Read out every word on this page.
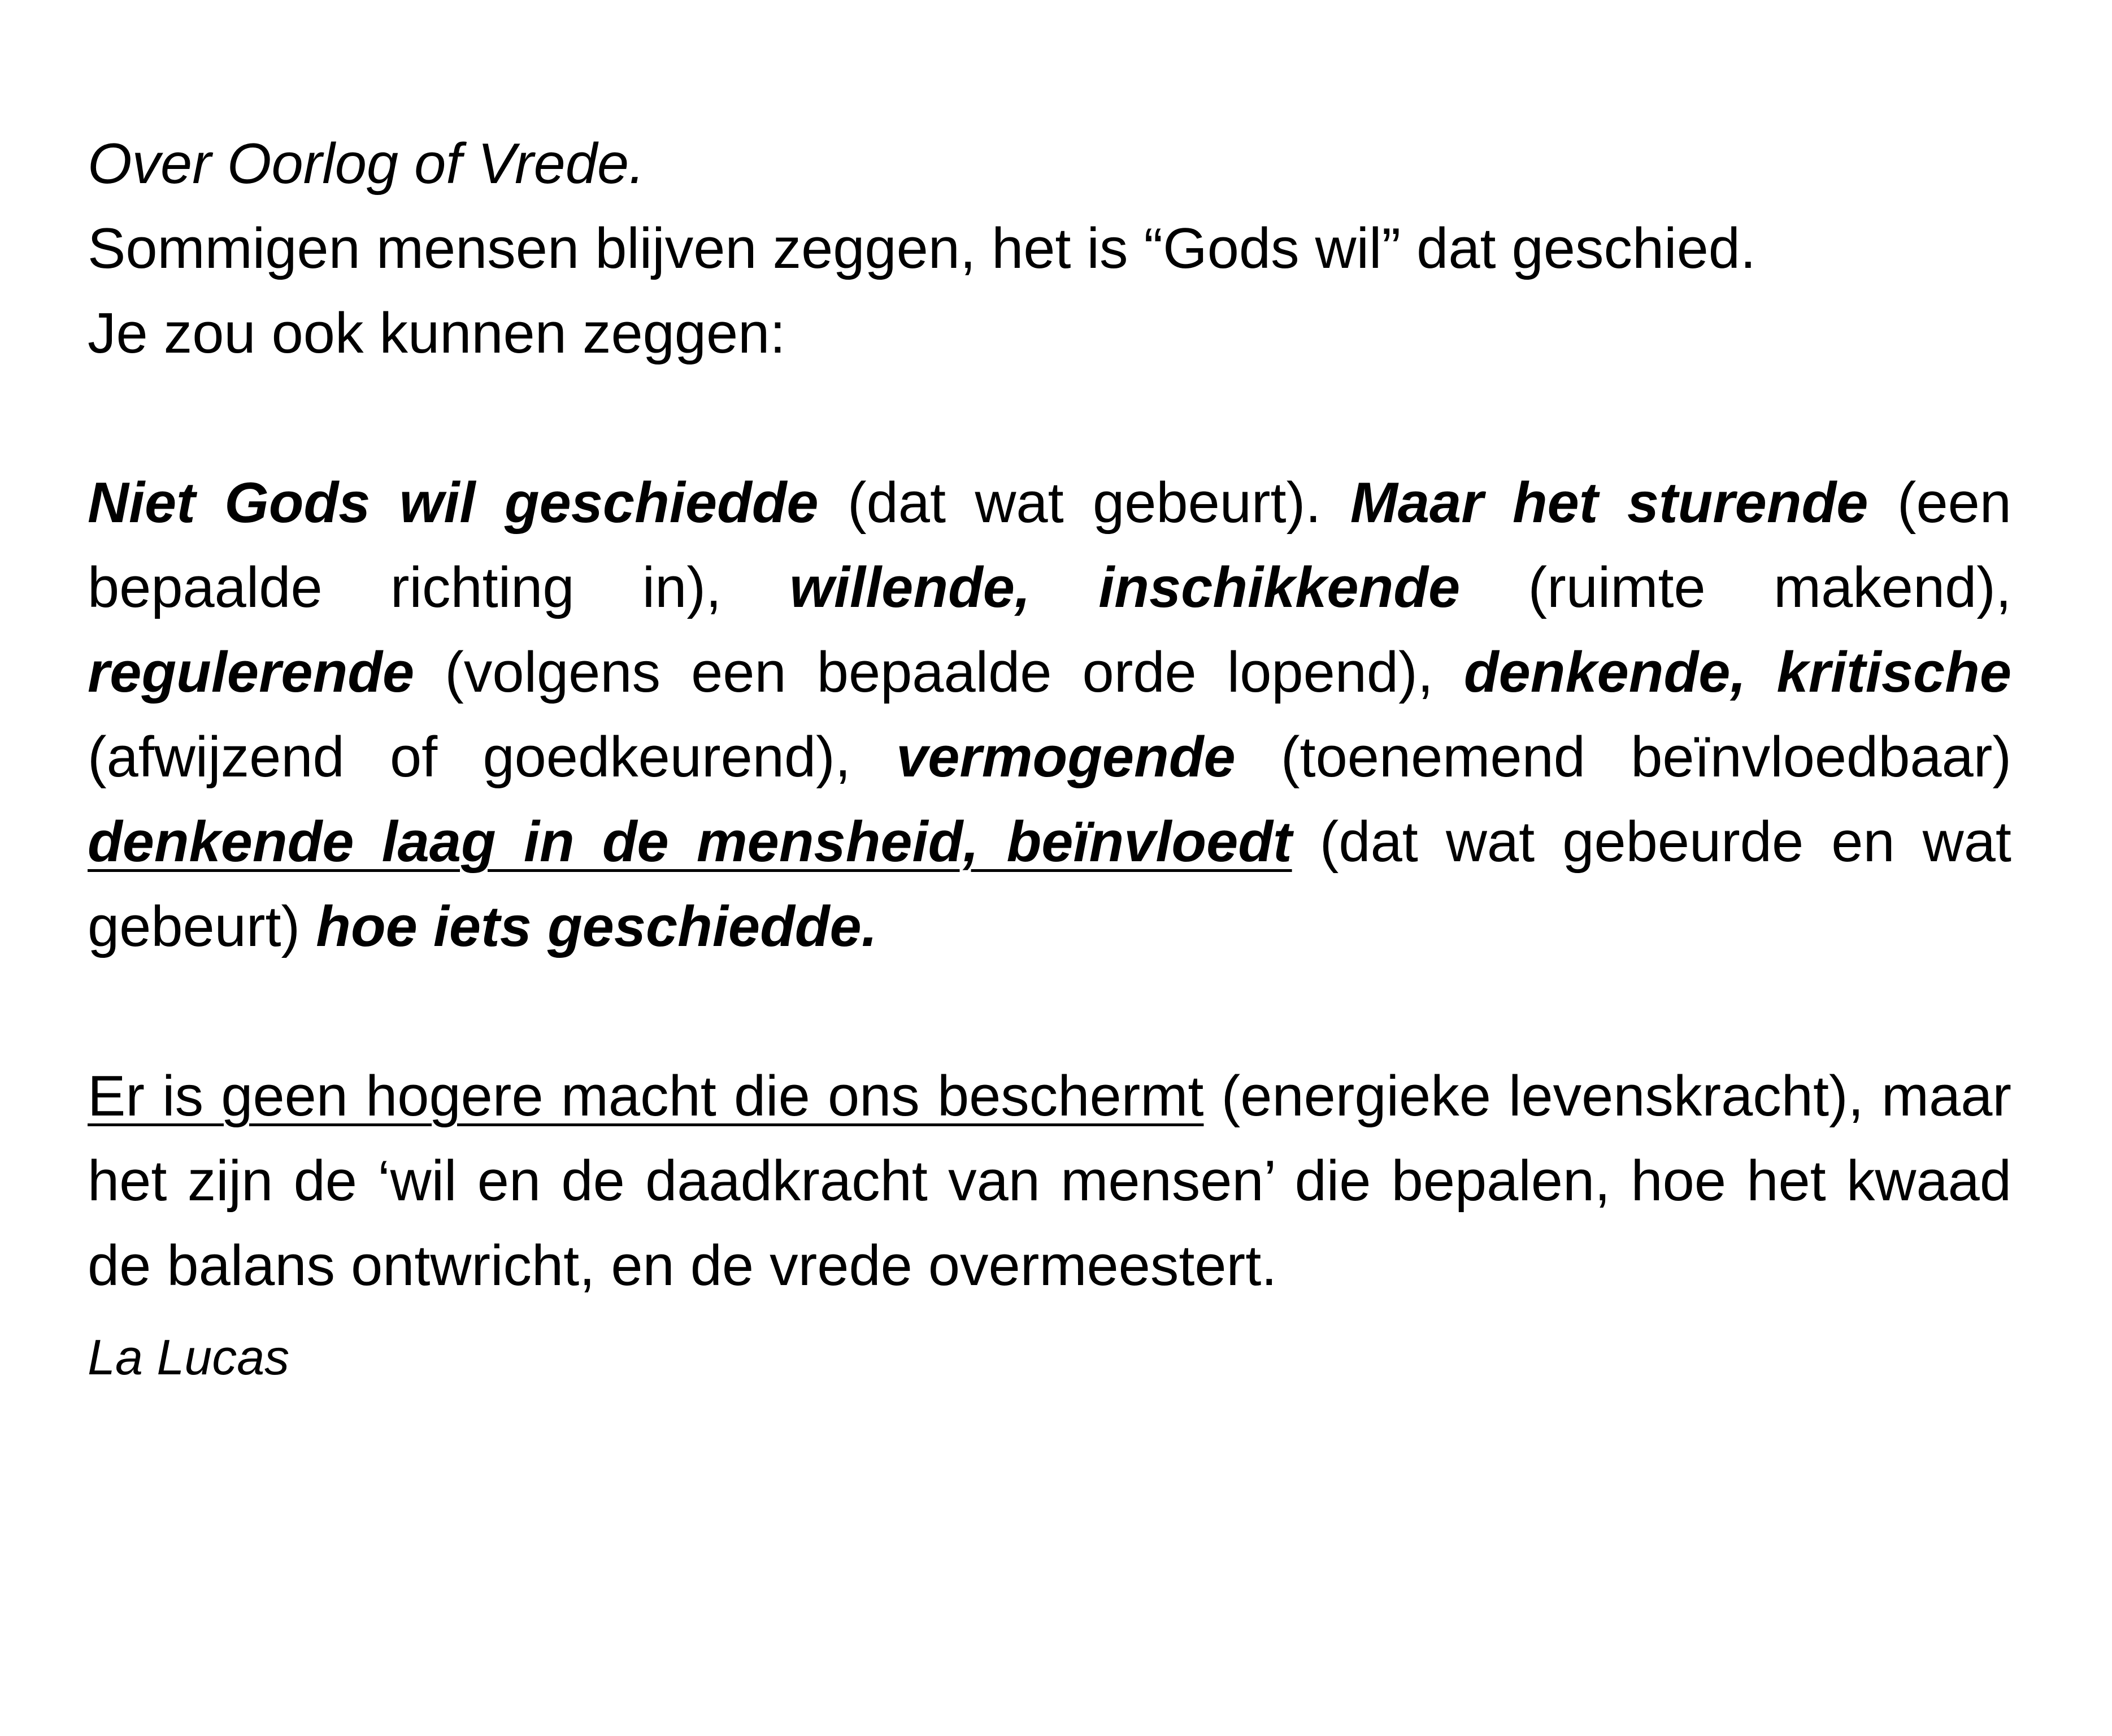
Over Oorlog of Vrede.
Sommigen mensen blijven zeggen, het is “Gods wil” dat geschied.
Je zou ook kunnen zeggen:
Niet Gods wil geschiedde (dat wat gebeurt). Maar het sturende (een bepaalde richting in), willende, inschikkende (ruimte makend), regulerende (volgens een bepaalde orde lopend), denkende, kritische (afwijzend of goedkeurend), vermogende (toenemend beïnvloedbaar) denkende laag in de mensheid, beïnvloedt (dat wat gebeurde en wat gebeurt) hoe iets geschiedde.
Er is geen hogere macht die ons beschermt (energieke levenskracht), maar het zijn de ‘wil en de daadkracht van mensen’ die bepalen, hoe het kwaad de balans ontwricht, en de vrede overmeestert.
La Lucas
